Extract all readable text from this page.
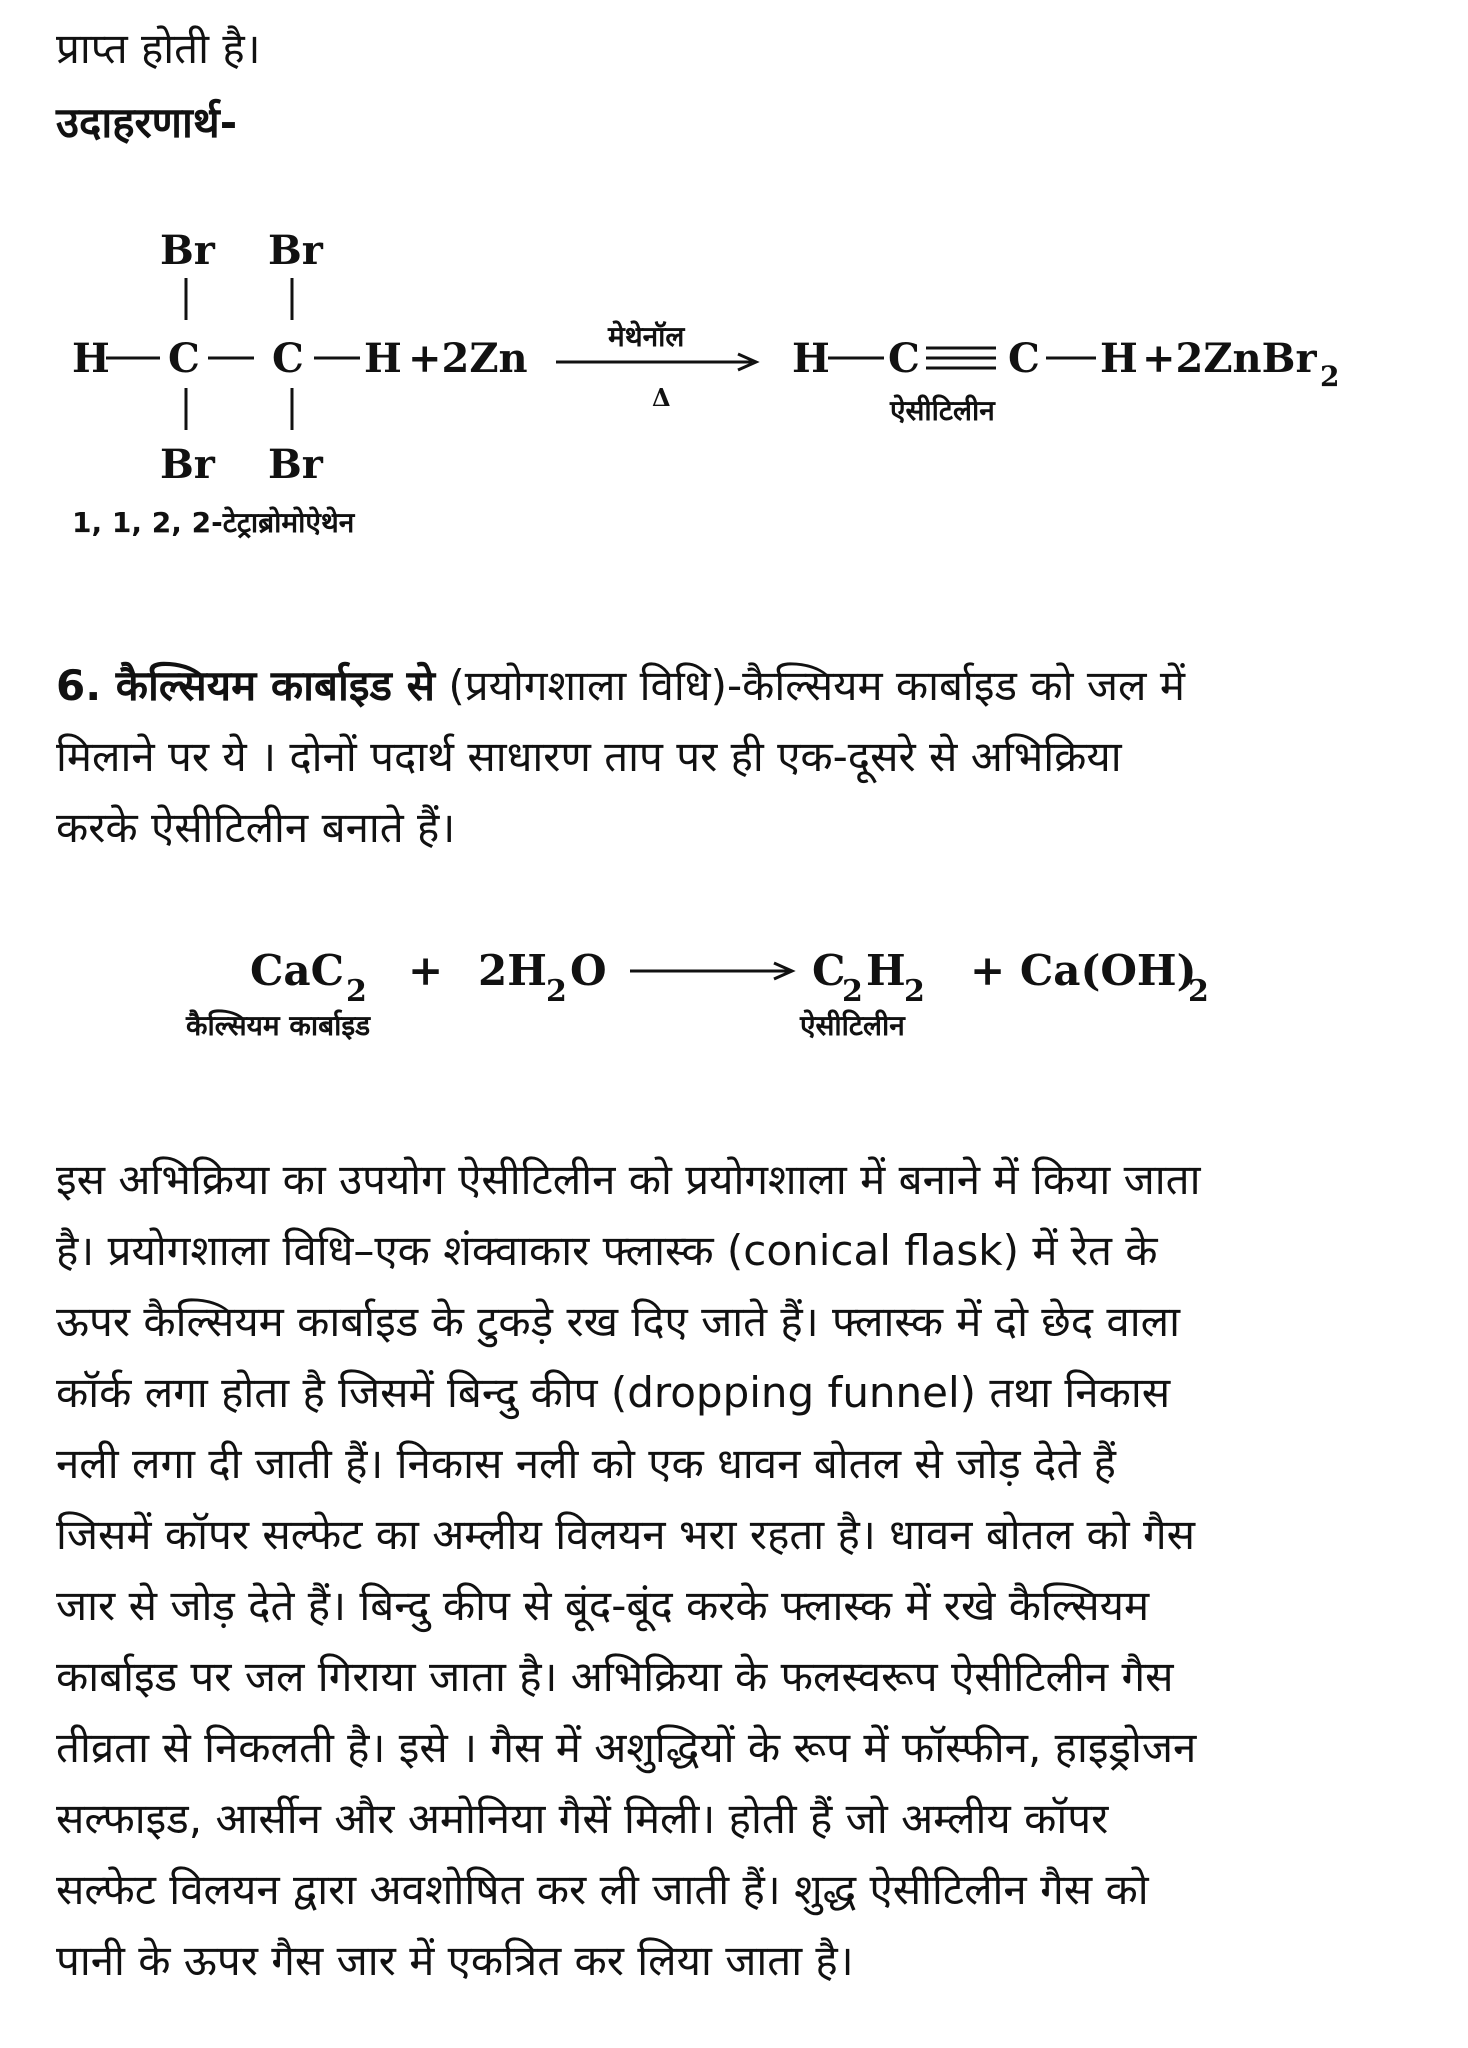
प्राप्त होती है।
उदाहरणार्थ-
Br Br
H C C H +2Zn
Br Br
मेथेनॉल
Δ
H C C H +2ZnBr 2
ऐसीटिलीन
1, 1, 2, 2-टेट्राब्रोमोऐथेन
6. कैल्सियम कार्बाइड से (प्रयोगशाला विधि)-कैल्सियम कार्बाइड को जल में
मिलाने पर ये । दोनों पदार्थ साधारण ताप पर ही एक-दूसरे से अभिक्रिया
करके ऐसीटिलीन बनाते हैं।
CaC 2 + 2H 2 O	C
2 H
2 + Ca(OH)
2
कैल्सियम कार्बाइड	ऐसीटिलीन
इस अभिक्रिया का उपयोग ऐसीटिलीन को प्रयोगशाला में बनाने में किया जाता
है। प्रयोगशाला विधि–एक शंक्वाकार फ्लास्क (conical flask) में रेत के
ऊपर कैल्सियम कार्बाइड के टुकड़े रख दिए जाते हैं। फ्लास्क में दो छेद वाला
कॉर्क लगा होता है जिसमें बिन्दु कीप (dropping funnel) तथा निकास
नली लगा दी जाती हैं। निकास नली को एक धावन बोतल से जोड़ देते हैं
जिसमें कॉपर सल्फेट का अम्लीय विलयन भरा रहता है। धावन बोतल को गैस
जार से जोड़ देते हैं। बिन्दु कीप से बूंद-बूंद करके फ्लास्क में रखे कैल्सियम
कार्बाइड पर जल गिराया जाता है। अभिक्रिया के फलस्वरूप ऐसीटिलीन गैस
तीव्रता से निकलती है। इसे । गैस में अशुद्धियों के रूप में फॉस्फीन, हाइड्रोजन
सल्फाइड, आर्सीन और अमोनिया गैसें मिली। होती हैं जो अम्लीय कॉपर
सल्फेट विलयन द्वारा अवशोषित कर ली जाती हैं। शुद्ध ऐसीटिलीन गैस को
पानी के ऊपर गैस जार में एकत्रित कर लिया जाता है।
